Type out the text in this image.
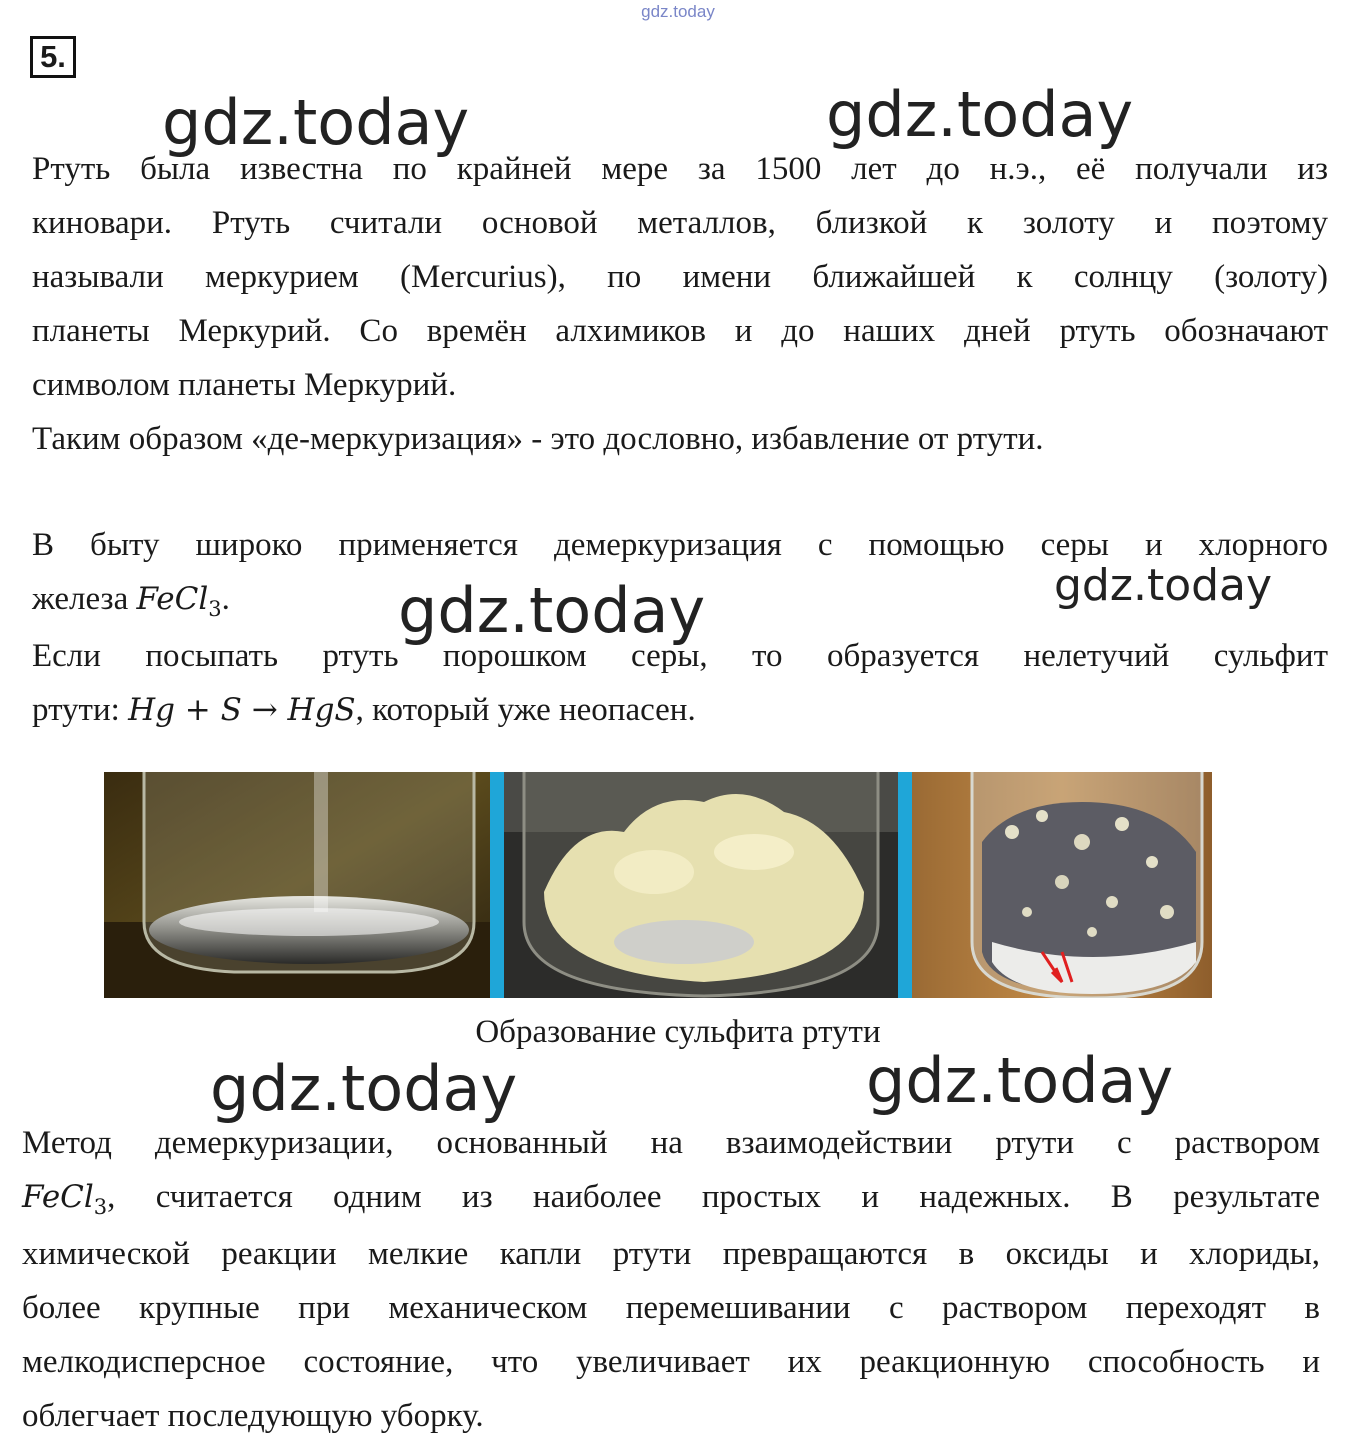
gdz.today
5.
gdz.today	gdz.today
gdz.today
gdz.today
gdz.today	gdz.today
Ртуть была известна по крайней мере за 1500 лет до н.э., её получали из
киновари. Ртуть считали основой металлов, близкой к золоту и поэтому
называли меркурием (Mercurius), по имени ближайшей к солнцу (золоту)
планеты Меркурий. Со времён алхимиков и до наших дней ртуть обозначают
символом планеты Меркурий.
Таким образом «де-меркуризация» - это дословно, избавление от ртути.
В быту широко применяется демеркуризация с помощью серы и хлорного
железа FeCl$_3$.
Если посыпать ртуть порошком серы, то образуется нелетучий сульфит
ртути: Hg + S → HgS, который уже неопасен.
Образование сульфита ртути
Метод демеркуризации, основанный на взаимодействии ртути с раствором
FeCl$_3$, считается одним из наиболее простых и надежных. В результате
химической реакции мелкие капли ртути превращаются в оксиды и хлориды,
более крупные при механическом перемешивании с раствором переходят в
мелкодисперсное состояние, что увеличивает их реакционную способность и
облегчает последующую уборку.
